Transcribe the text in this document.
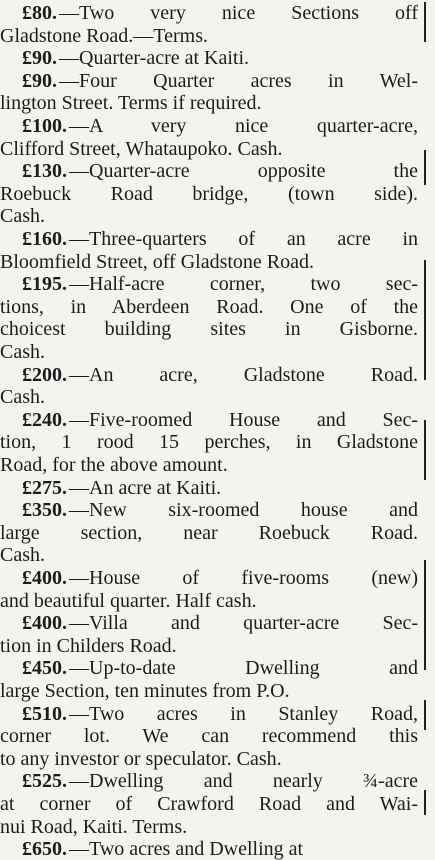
£80. —Two very nice Sections off
Gladstone Road.—Terms.
£90. —Quarter-acre at Kaiti.
£90. —Four Quarter acres in Wel-
lington Street. Terms if required.
£100. —A very nice quarter-acre,
Clifford Street, Whataupoko. Cash.
£130. —Quarter-acre opposite the
Roebuck Road bridge, (town side).
Cash.
£160. —Three-quarters of an acre in
Bloomfield Street, off Gladstone Road.
£195. —Half-acre corner, two sec-
tions, in Aberdeen Road. One of the
choicest building sites in Gisborne.
Cash.
£200. —An acre, Gladstone Road.
Cash.
£240. —Five-roomed House and Sec-
tion, 1 rood 15 perches, in Gladstone
Road, for the above amount.
£275. —An acre at Kaiti.
£350. —New six-roomed house and
large section, near Roebuck Road.
Cash.
£400. —House of five-rooms (new)
and beautiful quarter. Half cash.
£400. —Villa and quarter-acre Sec-
tion in Childers Road.
£450. —Up-to-date Dwelling and
large Section, ten minutes from P.O.
£510. —Two acres in Stanley Road,
corner lot. We can recommend this
to any investor or speculator. Cash.
£525. —Dwelling and nearly ¾-acre
at corner of Crawford Road and Wai-
nui Road, Kaiti. Terms.
£650. —Two acres and Dwelling at
